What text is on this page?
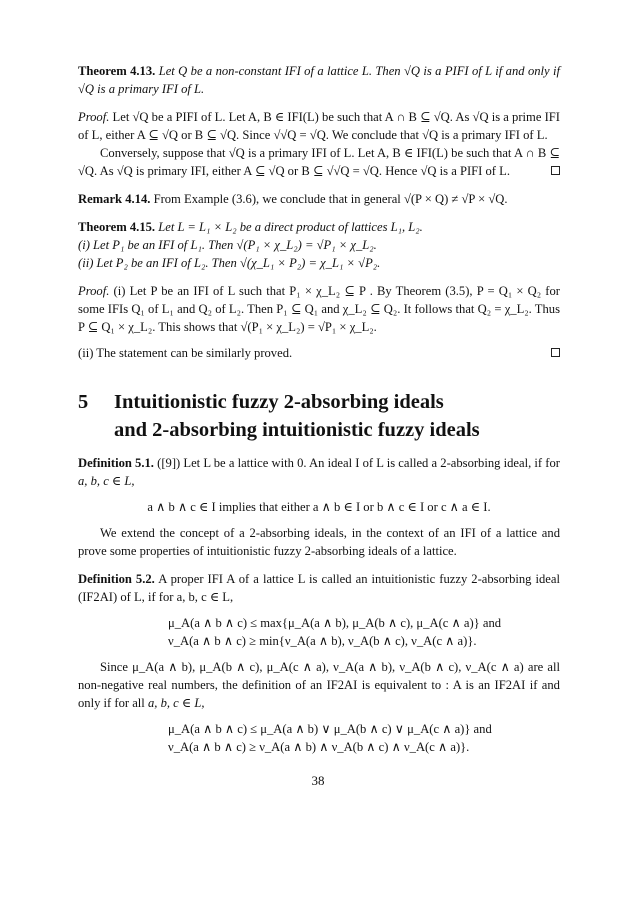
Theorem 4.13. Let Q be a non-constant IFI of a lattice L. Then √Q is a PIFI of L if and only if √Q is a primary IFI of L.

Proof. Let √Q be a PIFI of L. Let A, B ∈ IFI(L) be such that A ∩ B ⊆ √Q. As √Q is a prime IFI of L, either A ⊆ √Q or B ⊆ √Q. Since √√Q = √Q. We conclude that √Q is a primary IFI of L.

Conversely, suppose that √Q is a primary IFI of L. Let A, B ∈ IFI(L) be such that A ∩ B ⊆ √Q. As √Q is primary IFI, either A ⊆ √Q or B ⊆ √√Q = √Q. Hence √Q is a PIFI of L.

Remark 4.14. From Example (3.6), we conclude that in general √(P × Q) ≠ √P × √Q.

Theorem 4.15. Let L = L₁ × L₂ be a direct product of lattices L₁, L₂.
(i) Let P₁ be an IFI of L₁. Then √(P₁ × χ_L₂) = √P₁ × χ_L₂.
(ii) Let P₂ be an IFI of L₂. Then √(χ_L₁ × P₂) = χ_L₁ × √P₂.

Proof. (i) Let P be an IFI of L such that P₁ × χ_L₂ ⊆ P . By Theorem (3.5), P = Q₁ × Q₂ for some IFIs Q₁ of L₁ and Q₂ of L₂. Then P₁ ⊆ Q₁ and χ_L₂ ⊆ Q₂. It follows that Q₂ = χ_L₂. Thus P ⊆ Q₁ × χ_L₂. This shows that √(P₁ × χ_L₂) = √P₁ × χ_L₂.

(ii) The statement can be similarly proved.

5 Intuitionistic fuzzy 2-absorbing ideals
and 2-absorbing intuitionistic fuzzy ideals

Definition 5.1. ([9]) Let L be a lattice with 0. An ideal I of L is called a 2-absorbing ideal, if for a, b, c ∈ L,

a ∧ b ∧ c ∈ I implies that either a ∧ b ∈ I or b ∧ c ∈ I or c ∧ a ∈ I.

We extend the concept of a 2-absorbing ideals, in the context of an IFI of a lattice and prove some properties of intuitionistic fuzzy 2-absorbing ideals of a lattice.

Definition 5.2. A proper IFI A of a lattice L is called an intuitionistic fuzzy 2-absorbing ideal (IF2AI) of L, if for a, b, c ∈ L,

μ_A(a ∧ b ∧ c) ≤ max{μ_A(a ∧ b), μ_A(b ∧ c), μ_A(c ∧ a)} and
ν_A(a ∧ b ∧ c) ≥ min{ν_A(a ∧ b), ν_A(b ∧ c), ν_A(c ∧ a)}.

Since μ_A(a ∧ b), μ_A(b ∧ c), μ_A(c ∧ a), ν_A(a ∧ b), ν_A(b ∧ c), ν_A(c ∧ a) are all non-negative real numbers, the definition of an IF2AI is equivalent to : A is an IF2AI if and only if for all a, b, c ∈ L,

μ_A(a ∧ b ∧ c) ≤ μ_A(a ∧ b) ∨ μ_A(b ∧ c) ∨ μ_A(c ∧ a)} and
ν_A(a ∧ b ∧ c) ≥ ν_A(a ∧ b) ∧ ν_A(b ∧ c) ∧ ν_A(c ∧ a)}.
38
